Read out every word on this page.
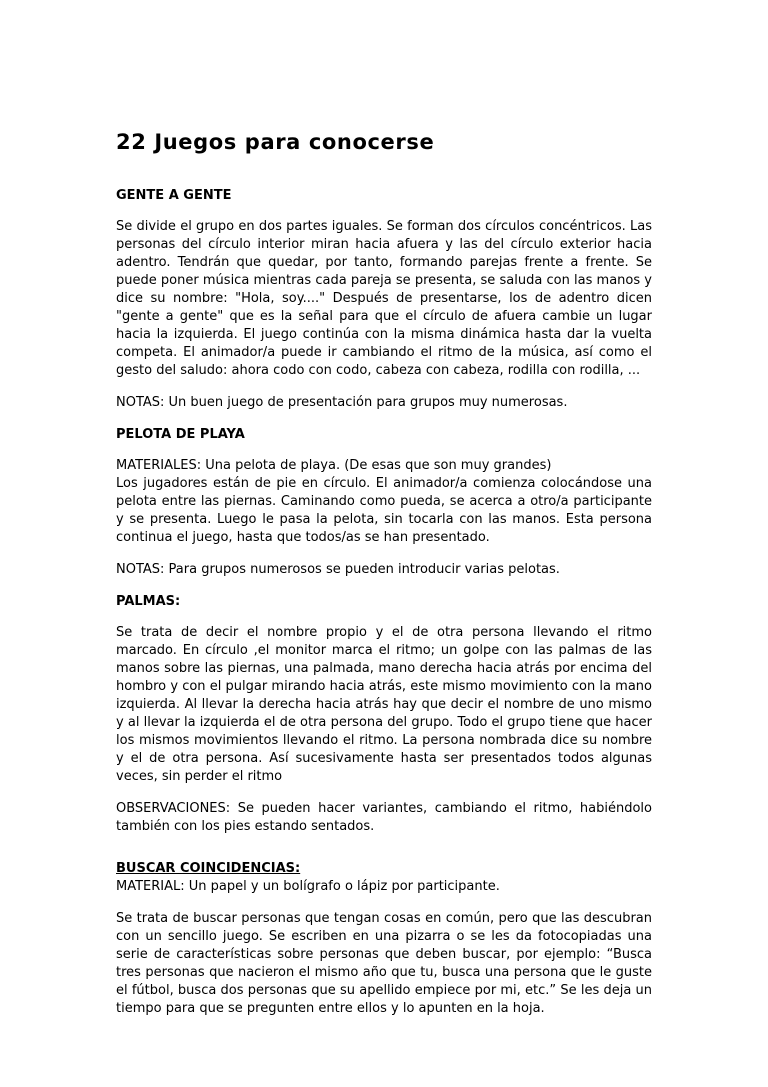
22 Juegos para conocerse
GENTE A GENTE

Se divide el grupo en dos partes iguales. Se forman dos círculos concéntricos. Las personas del círculo interior miran hacia afuera y las del círculo exterior hacia adentro. Tendrán que quedar, por tanto, formando parejas frente a frente. Se puede poner música mientras cada pareja se presenta, se saluda con las manos y dice su nombre: "Hola, soy...." Después de presentarse, los de adentro dicen "gente a gente" que es la señal para que el círculo de afuera cambie un lugar hacia la izquierda. El juego continúa con la misma dinámica hasta dar la vuelta competa. El animador/a puede ir cambiando el ritmo de la música, así como el gesto del saludo: ahora codo con codo, cabeza con cabeza, rodilla con rodilla, ...

NOTAS: Un buen juego de presentación para grupos muy numerosas.

PELOTA DE PLAYA

MATERIALES: Una pelota de playa. (De esas que son muy grandes)

Los jugadores están de pie en círculo. El animador/a comienza colocándose una pelota entre las piernas. Caminando como pueda, se acerca a otro/a participante y se presenta. Luego le pasa la pelota, sin tocarla con las manos. Esta persona continua el juego, hasta que todos/as se han presentado.

NOTAS: Para grupos numerosos se pueden introducir varias pelotas.

PALMAS:

Se trata de decir el nombre propio y el de otra persona llevando el ritmo marcado. En círculo ,el monitor marca el ritmo; un golpe con las palmas de las manos sobre las piernas, una palmada, mano derecha hacia atrás por encima del hombro y con el pulgar mirando hacia atrás, este mismo movimiento con la mano izquierda. Al llevar la derecha hacia atrás hay que decir el nombre de uno mismo y al llevar la izquierda el de otra persona del grupo. Todo el grupo tiene que hacer los mismos movimientos llevando el ritmo. La persona nombrada dice su nombre y el de otra persona. Así sucesivamente hasta ser presentados todos algunas veces, sin perder el ritmo

OBSERVACIONES: Se pueden hacer variantes, cambiando el ritmo, habiéndolo también con los pies estando sentados.

BUSCAR COINCIDENCIAS:

MATERIAL: Un papel y un bolígrafo o lápiz por participante.

Se trata de buscar personas que tengan cosas en común, pero que las descubran con un sencillo juego. Se escriben en una pizarra o se les da fotocopiadas una serie de características sobre personas que deben buscar, por ejemplo: “Busca tres personas que nacieron el mismo año que tu, busca una persona que le guste el fútbol, busca dos personas que su apellido empiece por mi, etc.” Se les deja un tiempo para que se pregunten entre ellos y lo apunten en la hoja.
